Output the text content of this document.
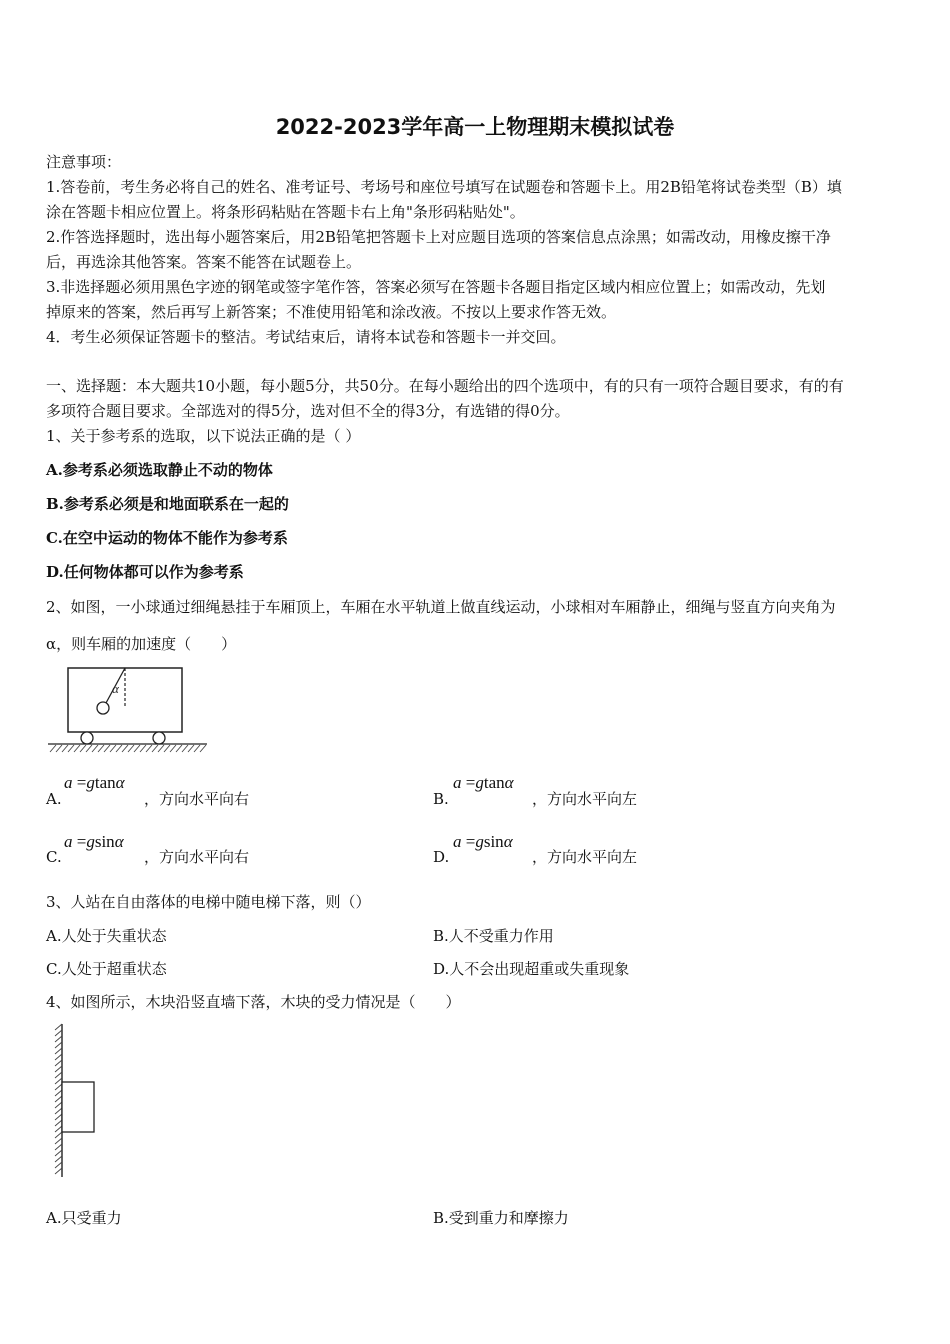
2022-2023学年高一上物理期末模拟试卷
注意事项：
1.答卷前，考生务必将自己的姓名、准考证号、考场号和座位号填写在试题卷和答题卡上。用2B铅笔将试卷类型（B）填
涂在答题卡相应位置上。将条形码粘贴在答题卡右上角"条形码粘贴处"。
2.作答选择题时，选出每小题答案后，用2B铅笔把答题卡上对应题目选项的答案信息点涂黑；如需改动，用橡皮擦干净
后，再选涂其他答案。答案不能答在试题卷上。
3.非选择题必须用黑色字迹的钢笔或签字笔作答，答案必须写在答题卡各题目指定区域内相应位置上；如需改动，先划
掉原来的答案，然后再写上新答案；不准使用铅笔和涂改液。不按以上要求作答无效。
4．考生必须保证答题卡的整洁。考试结束后，请将本试卷和答题卡一并交回。
一、选择题：本大题共10小题，每小题5分，共50分。在每小题给出的四个选项中，有的只有一项符合题目要求，有的有
多项符合题目要求。全部选对的得5分，选对但不全的得3分，有选错的得0分。
1、关于参考系的选取，以下说法正确的是（ ）
A.参考系必须选取静止不动的物体
B.参考系必须是和地面联系在一起的
C.在空中运动的物体不能作为参考系
D.任何物体都可以作为参考系
2、如图，一小球通过细绳悬挂于车厢顶上，车厢在水平轨道上做直线运动，小球相对车厢静止，细绳与竖直方向夹角为
α，则车厢的加速度（　　）
α
A.
a =gtanα
，方向水平向右	B.
a =gtanα
，方向水平向左
C.
a =gsinα
，方向水平向右	D.
a =gsinα
，方向水平向左
3、人站在自由落体的电梯中随电梯下落，则（）
A.人处于失重状态	B.人不受重力作用
C.人处于超重状态	D.人不会出现超重或失重现象
4、如图所示，木块沿竖直墙下落，木块的受力情况是（　　）
A.只受重力	B.受到重力和摩擦力
